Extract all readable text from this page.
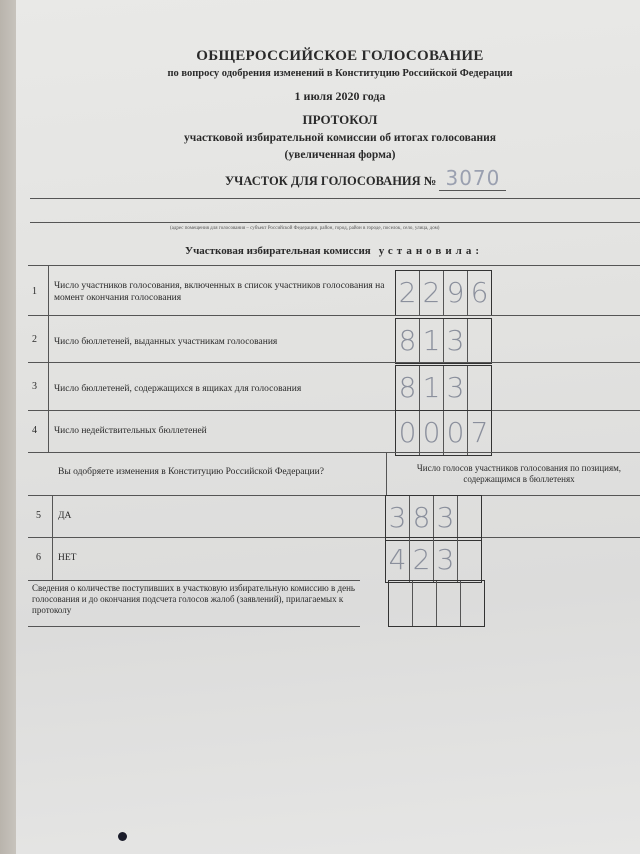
ОБЩЕРОССИЙСКОЕ ГОЛОСОВАНИЕ
по вопросу одобрения изменений в Конституцию Российской Федерации
1 июля 2020 года
ПРОТОКОЛ
участковой избирательной комиссии об итогах голосования
(увеличенная форма)
УЧАСТОК ДЛЯ ГОЛОСОВАНИЯ № 3070
(адрес помещения для голосования – субъект Российской Федерации, район, город, район в городе, поселок, село, улица, дом)
Участковая избирательная комиссия установила:
1 Число участников голосования, включенных в список участников голосования на момент окончания голосования	2 2 9 6
2 Число бюллетеней, выданных участникам голосования	8 1 3
3 Число бюллетеней, содержащихся в ящиках для голосования	8 1 3
4 Число недействительных бюллетеней	0 0 0 7
Вы одобряете изменения в Конституцию Российской Федерации?	Число голосов участников голосования по позициям, содержащимся в бюллетенях
5 ДА	3 8 3
6 НЕТ	4 2 3
Сведения о количестве поступивших в участковую избирательную комиссию в день голосования и до окончания подсчета голосов жалоб (заявлений), прилагаемых к протоколу
